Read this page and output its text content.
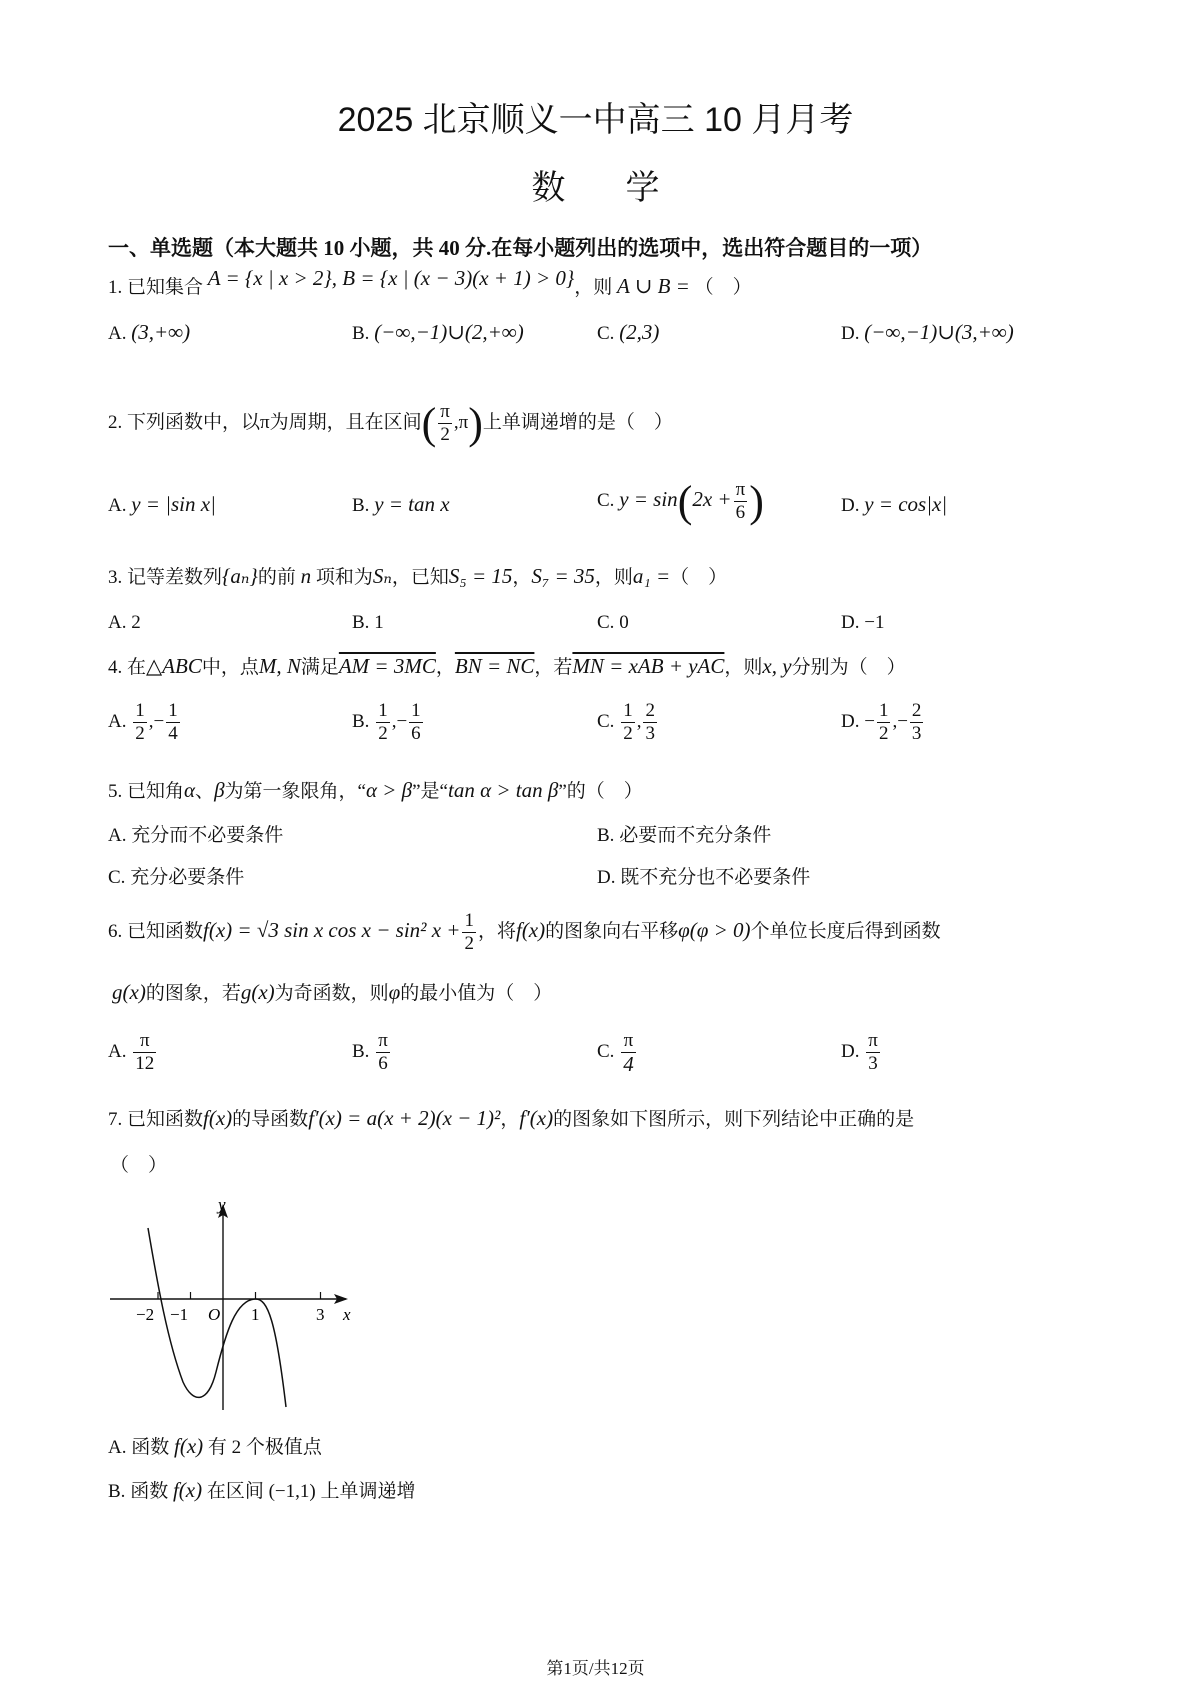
2025 北京顺义一中高三 10 月月考
数 学
一、单选题（本大题共 10 小题，共 40 分.在每小题列出的选项中，选出符合题目的一项）
1. 已知集合 A = {x | x > 2}, B = {x | (x − 3)(x + 1) > 0}，则 A ∪ B = （　）
A. (3,+∞)	B. (−∞,−1)∪(2,+∞)	C. (2,3)	D. (−∞,−1)∪(3,+∞)
2. 下列函数中，以π为周期，且在区间( $\frac{\pi}{2} ,\pi$)上单调递增的是（　）
A. y = |sin x|	B. y = tan x	C. $y = \sin(2x + \frac{\pi}{6}$ )	D. y = cos|x|
3. 记等差数列{aₙ}的前 n 项和为Sₙ，已知S₅ = 15，S₇ = 35，则a₁ =（　）
A. 2	B. 1	C. 0	D. −1
4. 在△ABC中，点M, N满足AM = 3MC，BN = NC，若MN = xAB + yAC，则x, y分别为（　）
A. $\frac{1}{2}$ ,− $\frac{1}{4}$	B. $\frac{1}{2}$ ,− $\frac{1}{6}$	C. $\frac{1}{2}$ , $\frac{2}{3}$	D. − $\frac{1}{2}$ ,− $\frac{2}{3}$
5. 已知角α、β为第一象限角，“α > β”是“tan α > tan β”的（　）
A. 充分而不必要条件	B. 必要而不充分条件
C. 充分必要条件	D. 既不充分也不必要条件
6. 已知函数f(x) = √3 sin x cos x − sin² $x + \frac{1}{2}$ ，将f(x)的图象向右平移φ(φ > 0)个单位长度后得到函数
g(x)的图象，若g(x)为奇函数，则φ的最小值为（　）
A. $\frac{\pi}{12}$	B. $\frac{\pi}{6}$	C. $\frac{\pi}{4}$	D. $\frac{\pi}{3}$
7. 已知函数f(x)的导函数f′(x) = a(x + 2)(x − 1)²，f′(x)的图象如下图所示，则下列结论中正确的是
（　）
y
x
−2 −1 O 1	3
A. 函数 f(x) 有 2 个极值点
B. 函数 f(x) 在区间 (−1,1) 上单调递增
第1页/共12页
